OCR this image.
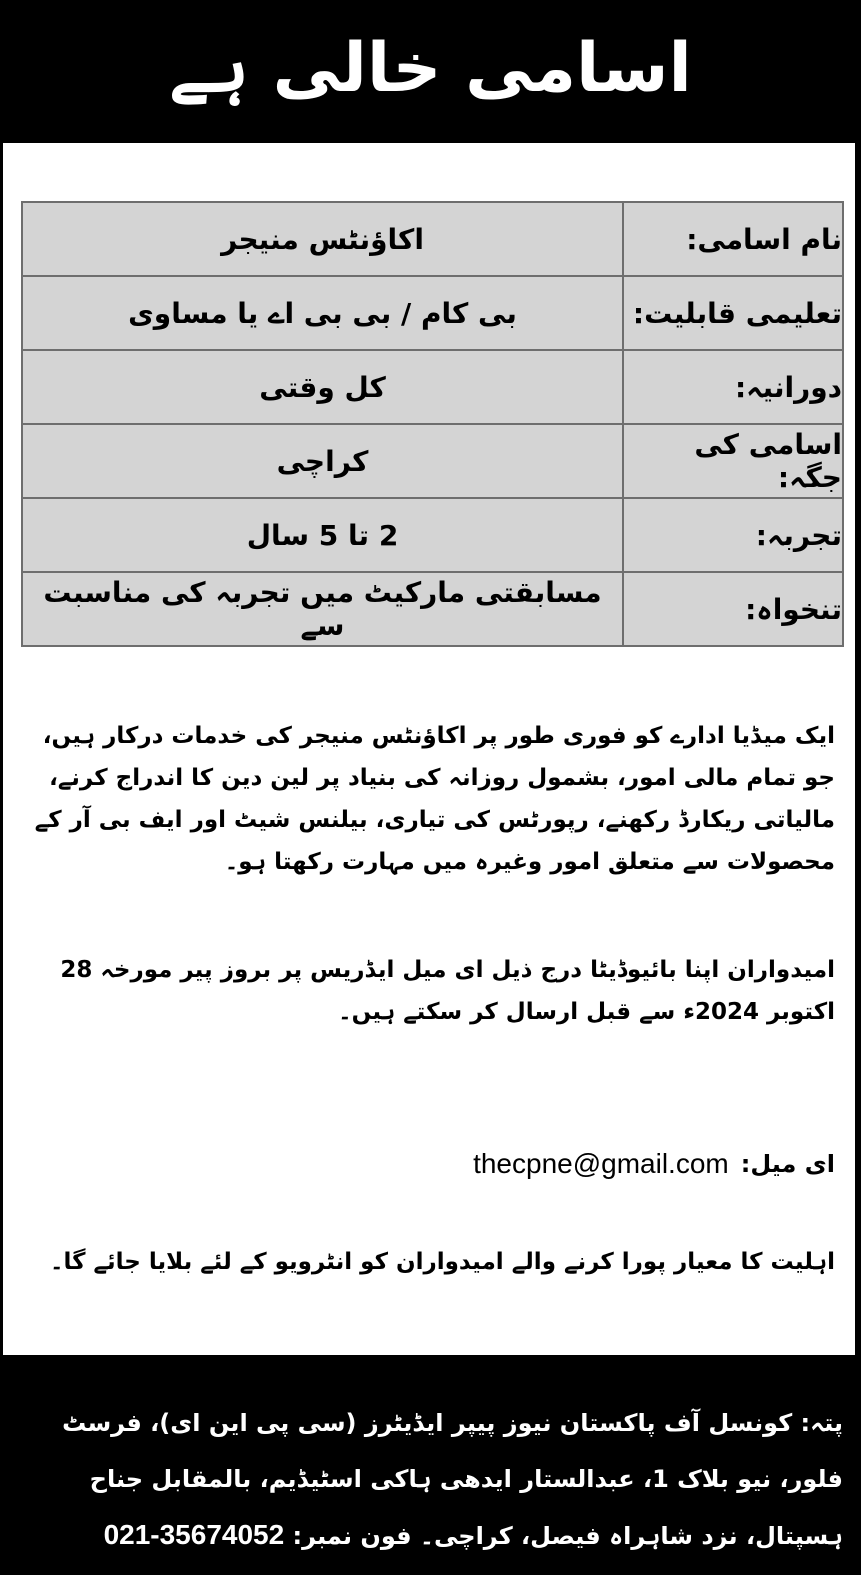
اسامی خالی ہے
نام اسامی:	اکاؤنٹس منیجر
تعلیمی قابلیت:	بی کام / بی بی اے یا مساوی
دورانیہ:	کل وقتی
اسامی کی جگہ:	کراچی
تجربہ:	2 تا 5 سال
تنخواہ:	مسابقتی مارکیٹ میں تجربہ کی مناسبت سے
ایک میڈیا ادارے کو فوری طور پر اکاؤنٹس منیجر کی خدمات درکار ہیں، جو تمام مالی امور، بشمول روزانہ کی بنیاد پر لین دین کا اندراج کرنے، مالیاتی ریکارڈ رکھنے، رپورٹس کی تیاری، بیلنس شیٹ اور ایف بی آر کے محصولات سے متعلق امور وغیرہ میں مہارت رکھتا ہو۔
امیدواران اپنا بائیوڈیٹا درج ذیل ای میل ایڈریس پر بروز پیر مورخہ 28 اکتوبر 2024ء سے قبل ارسال کر سکتے ہیں۔
ای میل:
thecpne@gmail.com
اہلیت کا معیار پورا کرنے والے امیدواران کو انٹرویو کے لئے بلایا جائے گا۔
پتہ: کونسل آف پاکستان نیوز پیپر ایڈیٹرز (سی پی این ای)، فرسٹ فلور، نیو بلاک 1، عبدالستار ایدھی ہاکی اسٹیڈیم، بالمقابل جناح ہسپتال، نزد شاہراہ فیصل، کراچی۔ فون نمبر: 021-35674052
